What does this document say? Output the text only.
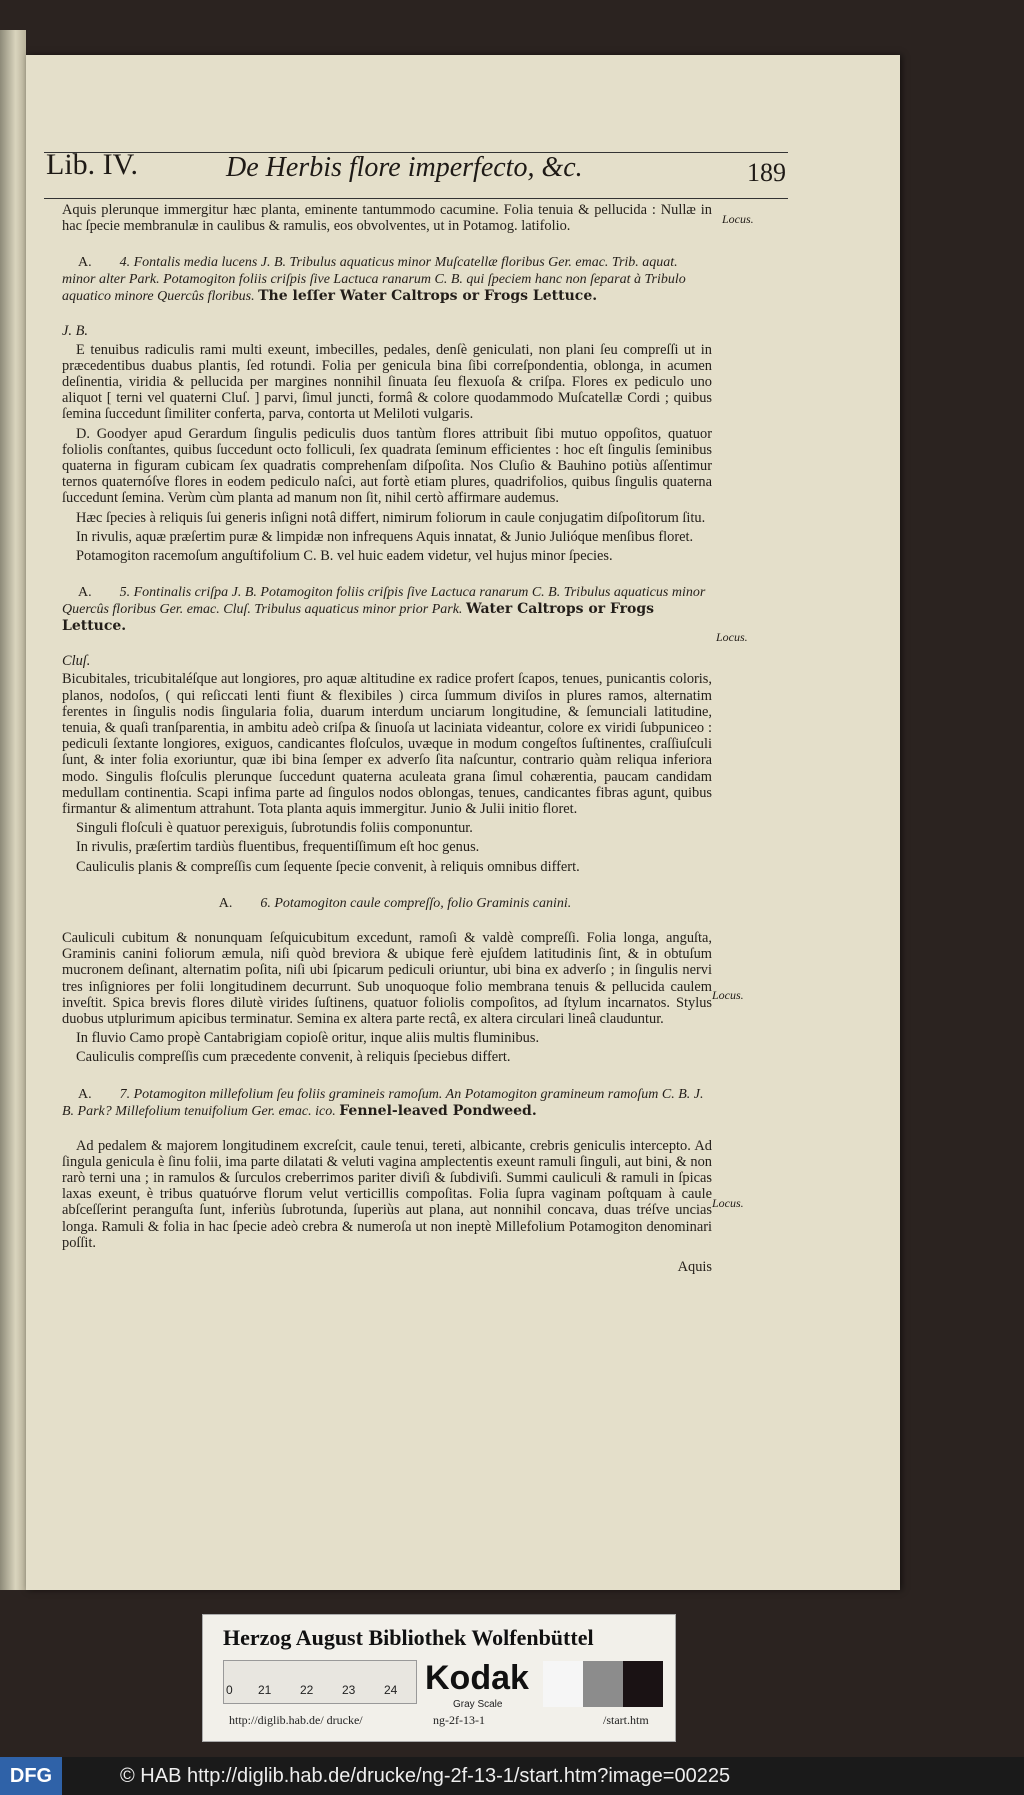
Lib. IV.	De Herbis flore imperfecto, &c.	189

Aquis plerunque immergitur hæc planta, eminente tantummodo cacumine. Folia tenuia & pellucida : Nullæ in hac ſpecie membranulæ in caulibus & ramulis, eos obvolventes, ut in Potamog. latifolio.

A. 4. Fontalis media lucens J. B. Tribulus aquaticus minor Muſcatellæ floribus Ger. emac. Trib. aquat. minor alter Park. Potamogiton foliis criſpis ſive Lactuca ranarum C. B. qui ſpeciem hanc non ſeparat à Tribulo aquatico minore Quercûs floribus. The leſſer Water Caltrops or Frogs Lettuce.
J. B.

E tenuibus radiculis rami multi exeunt, imbecilles, pedales, denſè geniculati, non plani ſeu compreſſi ut in præcedentibus duabus plantis, ſed rotundi. Folia per genicula bina ſibi correſpondentia, oblonga, in acumen deſinentia, viridia & pellucida per margines nonnihil ſinuata ſeu flexuoſa & criſpa. Flores ex pediculo uno aliquot [ terni vel quaterni Cluſ. ] parvi, ſimul juncti, formâ & colore quodammodo Muſcatellæ Cordi ; quibus ſemina ſuccedunt ſimiliter conferta, parva, contorta ut Meliloti vulgaris.

D. Goodyer apud Gerardum ſingulis pediculis duos tantùm flores attribuit ſibi mutuo oppoſitos, quatuor foliolis conſtantes, quibus ſuccedunt octo folliculi, ſex quadrata ſeminum efficientes : hoc eſt ſingulis ſeminibus quaterna in figuram cubicam ſex quadratis comprehenſam diſpoſita. Nos Cluſio & Bauhino potiùs aſſentimur ternos quaternóſve flores in eodem pediculo naſci, aut fortè etiam plures, quadrifolios, quibus ſingulis quaterna ſuccedunt ſemina. Verùm cùm planta ad manum non ſit, nihil certò affirmare audemus.

Hæc ſpecies à reliquis ſui generis inſigni notâ differt, nimirum foliorum in caule conjugatim diſpoſitorum ſitu.

In rivulis, aquæ præſertim puræ & limpidæ non infrequens Aquis innatat, & Junio Julióque menſibus floret.

Potamogiton racemoſum anguſtifolium C. B. vel huic eadem videtur, vel hujus minor ſpecies.

A. 5. Fontinalis criſpa J. B. Potamogiton foliis criſpis ſive Lactuca ranarum C. B. Tribulus aquaticus minor Quercûs floribus Ger. emac. Cluſ. Tribulus aquaticus minor prior Park. Water Caltrops or Frogs Lettuce.
Cluſ.

Bicubitales, tricubitaléſque aut longiores, pro aquæ altitudine ex radice profert ſcapos, tenues, punicantis coloris, planos, nodoſos, ( qui reſiccati lenti fiunt & flexibiles ) circa ſummum diviſos in plures ramos, alternatim ferentes in ſingulis nodis ſingularia folia, duarum interdum unciarum longitudine, & ſemunciali latitudine, tenuia, & quaſi tranſparentia, in ambitu adeò criſpa & ſinuoſa ut laciniata videantur, colore ex viridi ſubpuniceo : pediculi ſextante longiores, exiguos, candicantes floſculos, uvæque in modum congeſtos ſuſtinentes, craſſiuſculi ſunt, & inter folia exoriuntur, quæ ibi bina ſemper ex adverſo ſita naſcuntur, contrario quàm reliqua inferiora modo. Singulis floſculis plerunque ſuccedunt quaterna aculeata grana ſimul cohærentia, paucam candidam medullam continentia. Scapi infima parte ad ſingulos nodos oblongas, tenues, candicantes fibras agunt, quibus firmantur & alimentum attrahunt. Tota planta aquis immergitur. Junio & Julii initio floret.

Singuli floſculi è quatuor perexiguis, ſubrotundis foliis componuntur.

In rivulis, præſertim tardiùs fluentibus, frequentiſſimum eſt hoc genus.

Cauliculis planis & compreſſis cum ſequente ſpecie convenit, à reliquis omnibus differt.

A. 6. Potamogiton caule compreſſo, folio Graminis canini.

Cauliculi cubitum & nonunquam ſeſquicubitum excedunt, ramoſi & valdè compreſſi. Folia longa, anguſta, Graminis canini foliorum æmula, niſi quòd breviora & ubique ferè ejuſdem latitudinis ſint, & in obtuſum mucronem deſinant, alternatim poſita, niſi ubi ſpicarum pediculi oriuntur, ubi bina ex adverſo ; in ſingulis nervi tres inſigniores per folii longitudinem decurrunt. Sub unoquoque folio membrana tenuis & pellucida caulem inveſtit. Spica brevis flores dilutè virides ſuſtinens, quatuor foliolis compoſitos, ad ſtylum incarnatos. Stylus duobus utplurimum apicibus terminatur. Semina ex altera parte rectâ, ex altera circulari lineâ clauduntur.

In fluvio Camo propè Cantabrigiam copioſè oritur, inque aliis multis fluminibus.

Cauliculis compreſſis cum præcedente convenit, à reliquis ſpeciebus differt.

A. 7. Potamogiton millefolium ſeu foliis gramineis ramoſum. An Potamogiton gramineum ramoſum C. B. J. B. Park? Millefolium tenuifolium Ger. emac. ico. Fennel-leaved Pondweed.

Ad pedalem & majorem longitudinem excreſcit, caule tenui, tereti, albicante, crebris geniculis intercepto. Ad ſingula genicula è ſinu folii, ima parte dilatati & veluti vagina amplectentis exeunt ramuli ſinguli, aut bini, & non rarò terni una ; in ramulos & ſurculos creberrimos pariter diviſi & ſubdiviſi. Summi cauliculi & ramuli in ſpicas laxas exeunt, è tribus quatuórve florum velut verticillis compoſitas. Folia ſupra vaginam poſtquam à caule abſceſſerint peranguſta ſunt, inferiùs ſubrotunda, ſuperiùs aut plana, aut nonnihil concava, duas tréſve uncias longa. Ramuli & folia in hac ſpecie adeò crebra & numeroſa ut non ineptè Millefolium Potamogiton denominari poſſit.

Aquis

Locus.
Locus.
Locus.
Locus.
Herzog August Bibliothek Wolfenbüttel
0 21 22 23 24 Kodak
Gray Scale
http://diglib.hab.de/ drucke/	ng-2f-13-1	/start.htm
DFG	© HAB http://diglib.hab.de/drucke/ng-2f-13-1/start.htm?image=00225
